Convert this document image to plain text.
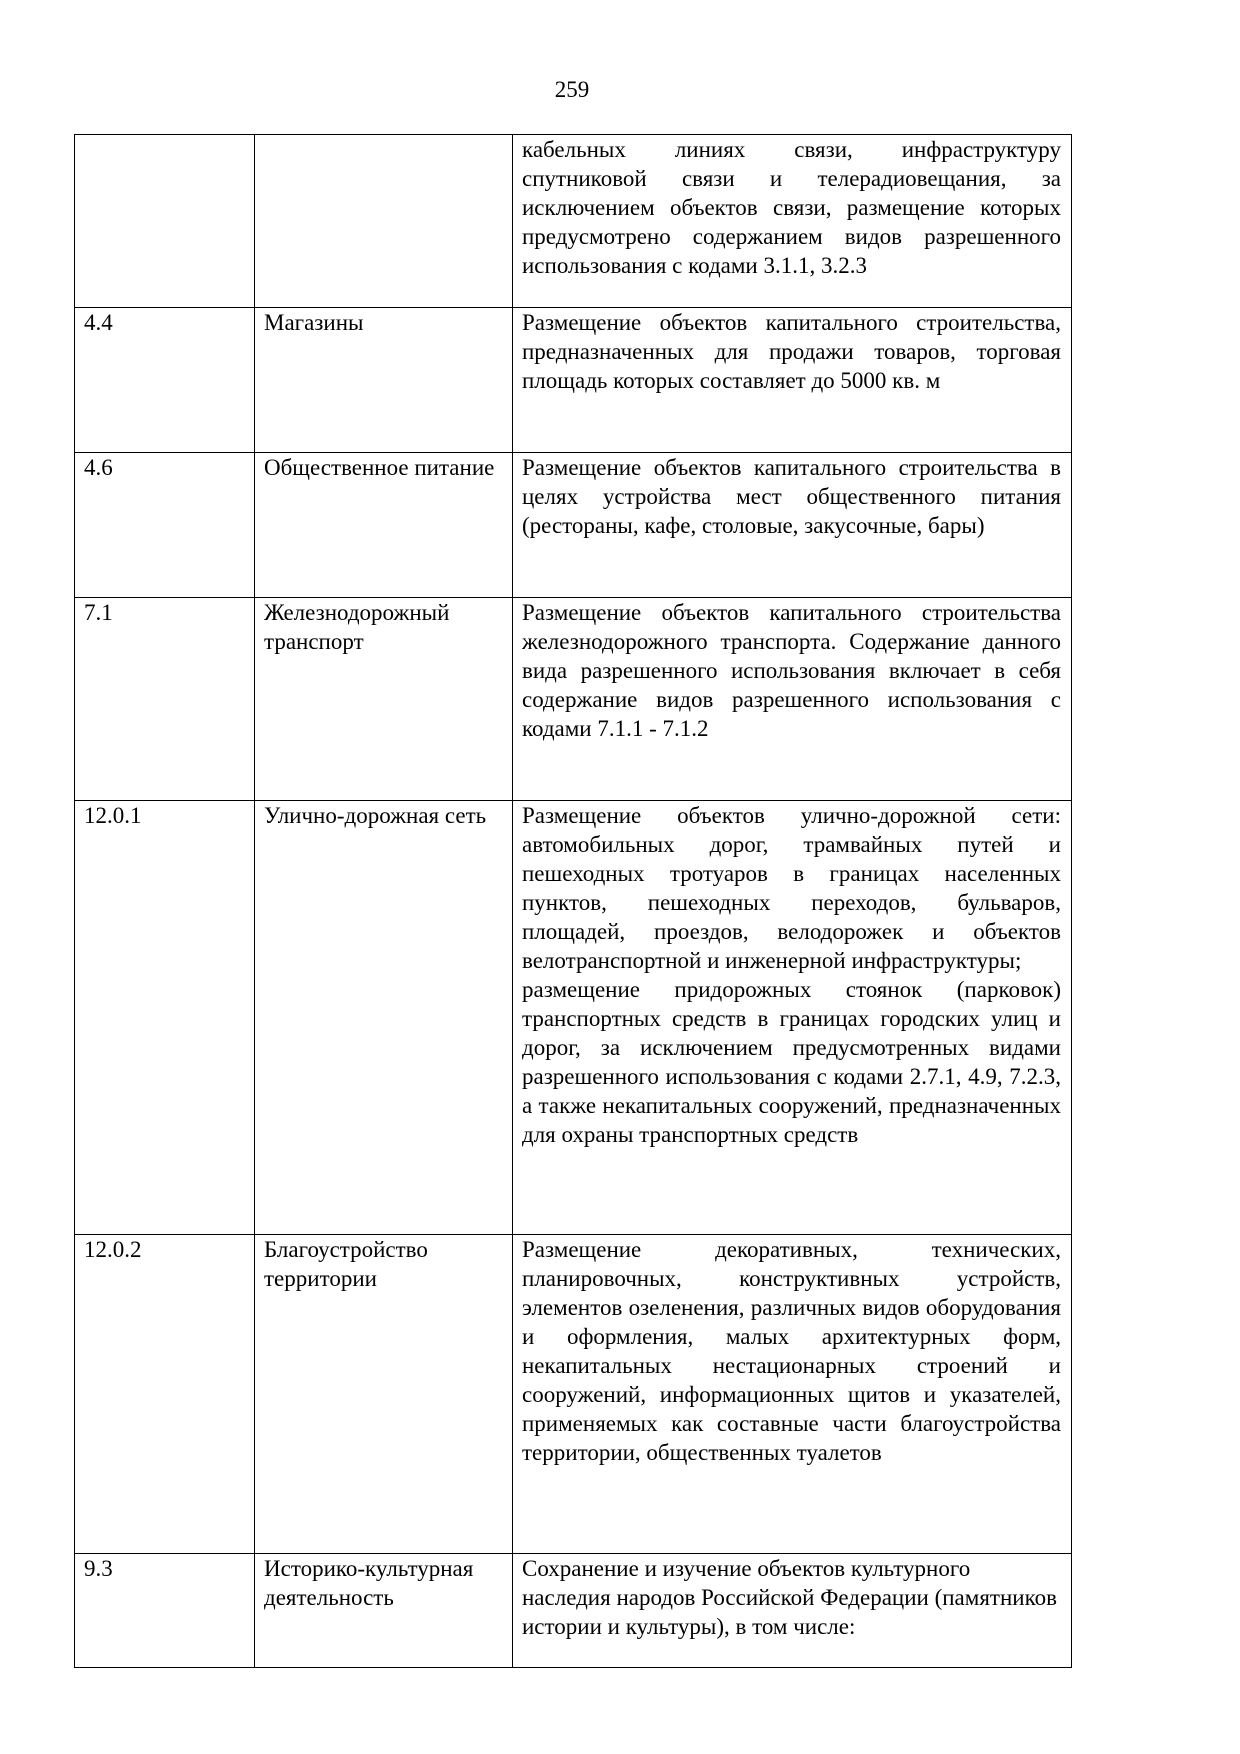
259

		кабельных линиях связи, инфраструктуру спутниковой связи и телерадиовещания, за исключением объектов связи, размещение которых предусмотрено содержанием видов разрешенного использования с кодами 3.1.1, 3.2.3

4.4	Магазины	Размещение объектов капитального строительства, предназначенных для продажи товаров, торговая площадь которых составляет до 5000 кв. м

4.6	Общественное питание	Размещение объектов капитального строительства в целях устройства мест общественного питания (рестораны, кафе, столовые, закусочные, бары)

7.1	Железнодорожный транспорт	Размещение объектов капитального строительства железнодорожного транспорта. Содержание данного вида разрешенного использования включает в себя содержание видов разрешенного использования с кодами 7.1.1 - 7.1.2

12.0.1	Улично-дорожная сеть	Размещение объектов улично-дорожной сети: автомобильных дорог, трамвайных путей и пешеходных тротуаров в границах населенных пунктов, пешеходных переходов, бульваров, площадей, проездов, велодорожек и объектов велотранспортной и инженерной инфраструктуры;
размещение придорожных стоянок (парковок) транспортных средств в границах городских улиц и дорог, за исключением предусмотренных видами разрешенного использования с кодами 2.7.1, 4.9, 7.2.3, а также некапитальных сооружений, предназначенных для охраны транспортных средств

12.0.2	Благоустройство территории	Размещение декоративных, технических, планировочных, конструктивных устройств, элементов озеленения, различных видов оборудования и оформления, малых архитектурных форм, некапитальных нестационарных строений и сооружений, информационных щитов и указателей, применяемых как составные части благоустройства территории, общественных туалетов

9.3	Историко-культурная деятельность	Сохранение и изучение объектов культурного наследия народов Российской Федерации (памятников истории и культуры), в том числе:
